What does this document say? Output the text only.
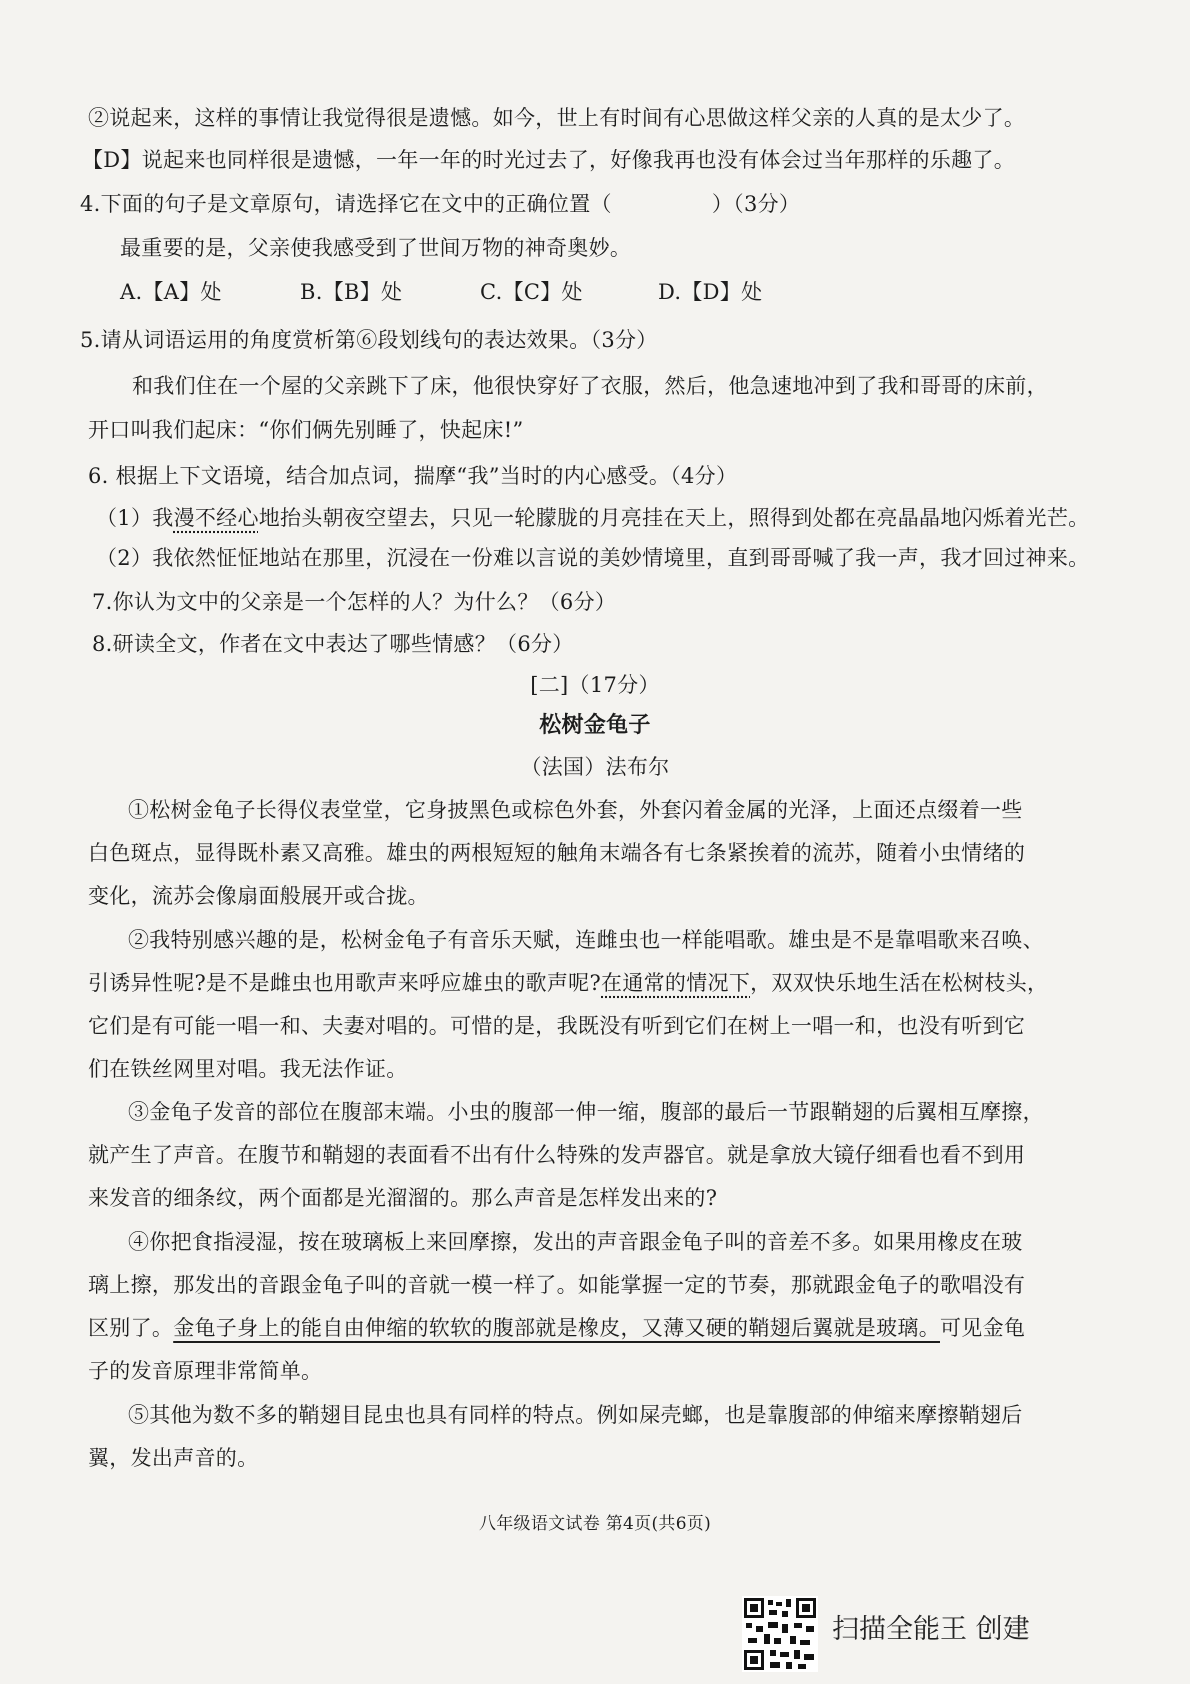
②说起来，这样的事情让我觉得很是遗憾。如今，世上有时间有心思做这样父亲的人真的是太少了。
【D】说起来也同样很是遗憾，一年一年的时光过去了，好像我再也没有体会过当年那样的乐趣了。
4.下面的句子是文章原句，请选择它在文中的正确位置（	）（3分）
最重要的是，父亲使我感受到了世间万物的神奇奥妙。
A.【A】处	B.【B】处	C.【C】处	D.【D】处
5.请从词语运用的角度赏析第⑥段划线句的表达效果。（3分）
和我们住在一个屋的父亲跳下了床，他很快穿好了衣服，然后，他急速地冲到了我和哥哥的床前，
开口叫我们起床：“你们俩先别睡了，快起床!”
6. 根据上下文语境，结合加点词，揣摩“我”当时的内心感受。（4分）
（1）我漫不经心地抬头朝夜空望去，只见一轮朦胧的月亮挂在天上，照得到处都在亮晶晶地闪烁着光芒。
（2）我依然怔怔地站在那里，沉浸在一份难以言说的美妙情境里，直到哥哥喊了我一声，我才回过神来。
7.你认为文中的父亲是一个怎样的人？为什么？（6分）
8.研读全文，作者在文中表达了哪些情感？（6分）
[二]（17分）
松树金龟子
（法国）法布尔
①松树金龟子长得仪表堂堂，它身披黑色或棕色外套，外套闪着金属的光泽，上面还点缀着一些
白色斑点，显得既朴素又高雅。雄虫的两根短短的触角末端各有七条紧挨着的流苏，随着小虫情绪的
变化，流苏会像扇面般展开或合拢。
②我特别感兴趣的是，松树金龟子有音乐天赋，连雌虫也一样能唱歌。雄虫是不是靠唱歌来召唤、
引诱异性呢?是不是雌虫也用歌声来呼应雄虫的歌声呢?在通常的情况下，双双快乐地生活在松树枝头，
它们是有可能一唱一和、夫妻对唱的。可惜的是，我既没有听到它们在树上一唱一和，也没有听到它
们在铁丝网里对唱。我无法作证。
③金龟子发音的部位在腹部末端。小虫的腹部一伸一缩，腹部的最后一节跟鞘翅的后翼相互摩擦，
就产生了声音。在腹节和鞘翅的表面看不出有什么特殊的发声器官。就是拿放大镜仔细看也看不到用
来发音的细条纹，两个面都是光溜溜的。那么声音是怎样发出来的?
④你把食指浸湿，按在玻璃板上来回摩擦，发出的声音跟金龟子叫的音差不多。如果用橡皮在玻
璃上擦，那发出的音跟金龟子叫的音就一模一样了。如能掌握一定的节奏，那就跟金龟子的歌唱没有
区别了。金龟子身上的能自由伸缩的软软的腹部就是橡皮，又薄又硬的鞘翅后翼就是玻璃。可见金龟
子的发音原理非常简单。
⑤其他为数不多的鞘翅目昆虫也具有同样的特点。例如屎壳螂，也是靠腹部的伸缩来摩擦鞘翅后
翼，发出声音的。
八年级语文试卷 第4页(共6页)
扫描全能王 创建
